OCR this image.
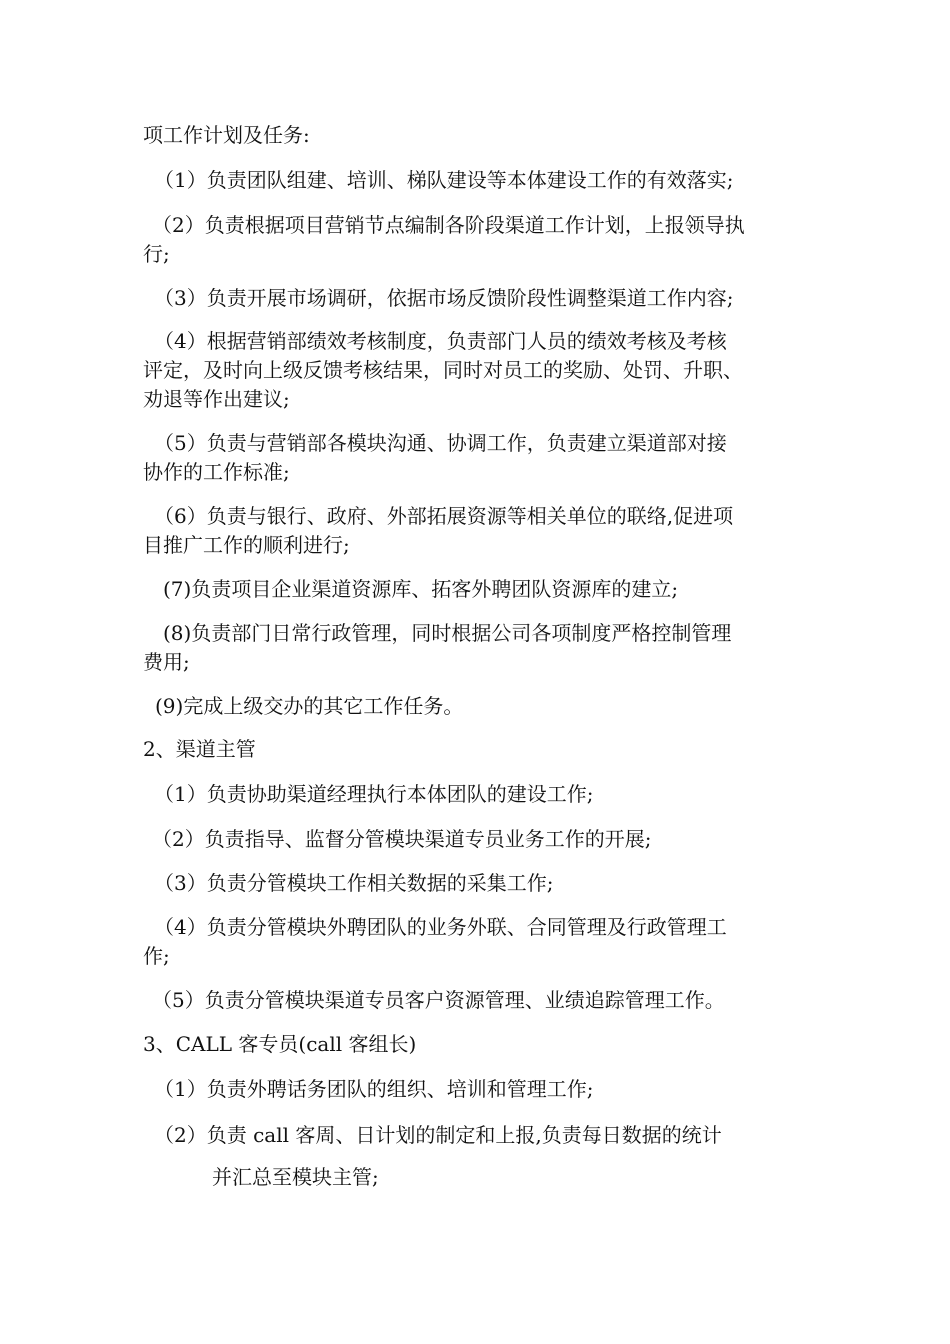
项工作计划及任务:

（1）负责团队组建、培训、梯队建设等本体建设工作的有效落实;

（2）负责根据项目营销节点编制各阶段渠道工作计划，上报领导执
行;

（3）负责开展市场调研，依据市场反馈阶段性调整渠道工作内容;

（4）根据营销部绩效考核制度，负责部门人员的绩效考核及考核
评定，及时向上级反馈考核结果，同时对员工的奖励、处罚、升职、
劝退等作出建议;

（5）负责与营销部各模块沟通、协调工作，负责建立渠道部对接
协作的工作标准;

（6）负责与银行、政府、外部拓展资源等相关单位的联络,促进项
目推广工作的顺利进行;

(7)负责项目企业渠道资源库、拓客外聘团队资源库的建立;

(8)负责部门日常行政管理，同时根据公司各项制度严格控制管理
费用;

(9)完成上级交办的其它工作任务。

2、渠道主管

（1）负责协助渠道经理执行本体团队的建设工作;

（2）负责指导、监督分管模块渠道专员业务工作的开展;

（3）负责分管模块工作相关数据的采集工作;

（4）负责分管模块外聘团队的业务外联、合同管理及行政管理工
作;

（5）负责分管模块渠道专员客户资源管理、业绩追踪管理工作。

3、CALL 客专员(call 客组长)

（1）负责外聘话务团队的组织、培训和管理工作;

（2）负责 call 客周、日计划的制定和上报,负责每日数据的统计

并汇总至模块主管;
